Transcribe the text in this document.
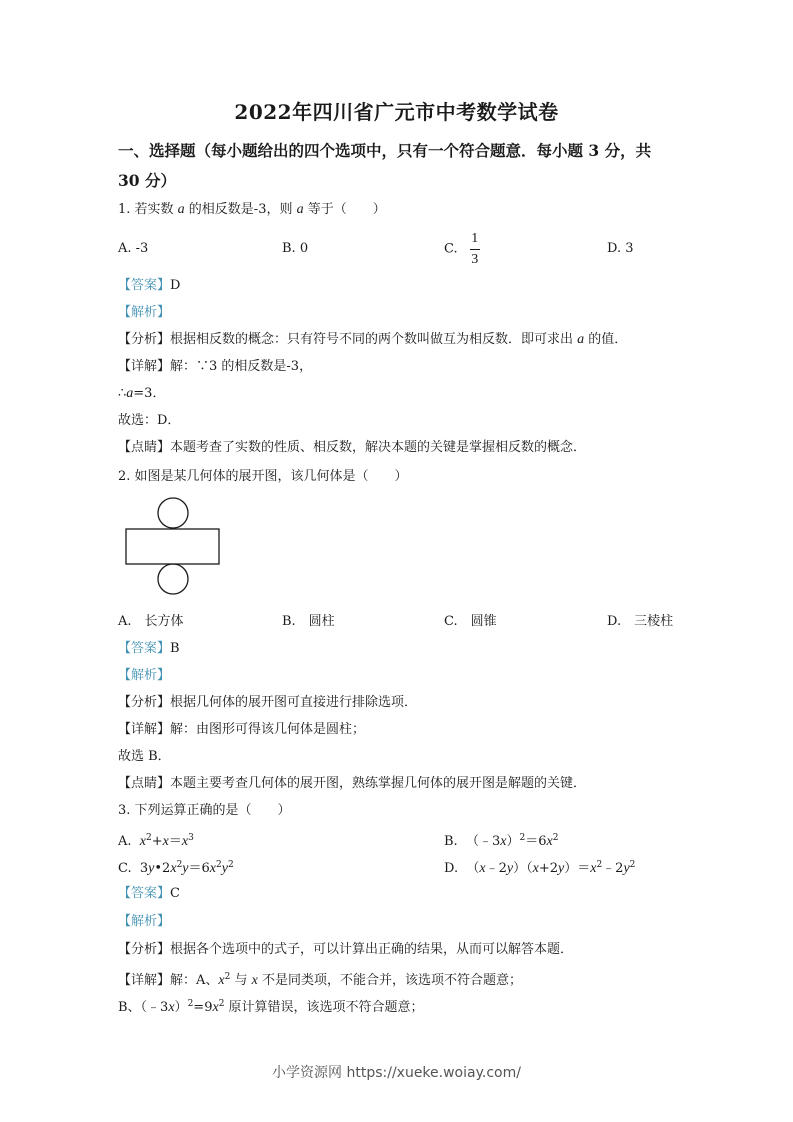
2022年四川省广元市中考数学试卷
一、选择题（每小题给出的四个选项中，只有一个符合题意．每小题 3 分，共
30 分）
1. 若实数 a 的相反数是-3，则 a 等于（　　）
A. -3	B. 0	C. $\frac{1}{3}$	D. 3
【答案】D
【解析】
【分析】根据相反数的概念：只有符号不同的两个数叫做互为相反数．即可求出 a 的值．
【详解】解：∵3 的相反数是-3，
∴a=3．
故选：D．
【点睛】本题考查了实数的性质、相反数，解决本题的关键是掌握相反数的概念．
2. 如图是某几何体的展开图，该几何体是（　　）
A.　长方体	B.　圆柱	C.　圆锥	D.　三棱柱
【答案】B
【解析】
【分析】根据几何体的展开图可直接进行排除选项．
【详解】解：由图形可得该几何体是圆柱；
故选 B．
【点睛】本题主要考查几何体的展开图，熟练掌握几何体的展开图是解题的关键．
3. 下列运算正确的是（　　）
A. $x^2+x=x^3$	B.  $(﹣3x)^2=6x^2$
C.  $3y•2x^2y=6x^2y^2$	D.  $(x﹣2y)(x+2y)=x^2﹣2y^2$
【答案】C
【解析】
【分析】根据各个选项中的式子，可以计算出正确的结果，从而可以解答本题．
【详解】解：A、$x^2$ 与 x 不是同类项，不能合并，该选项不符合题意；
B、$(﹣3x)^2=9x^2$ 原计算错误，该选项不符合题意；
小学资源网 https://xueke.woiay.com/
